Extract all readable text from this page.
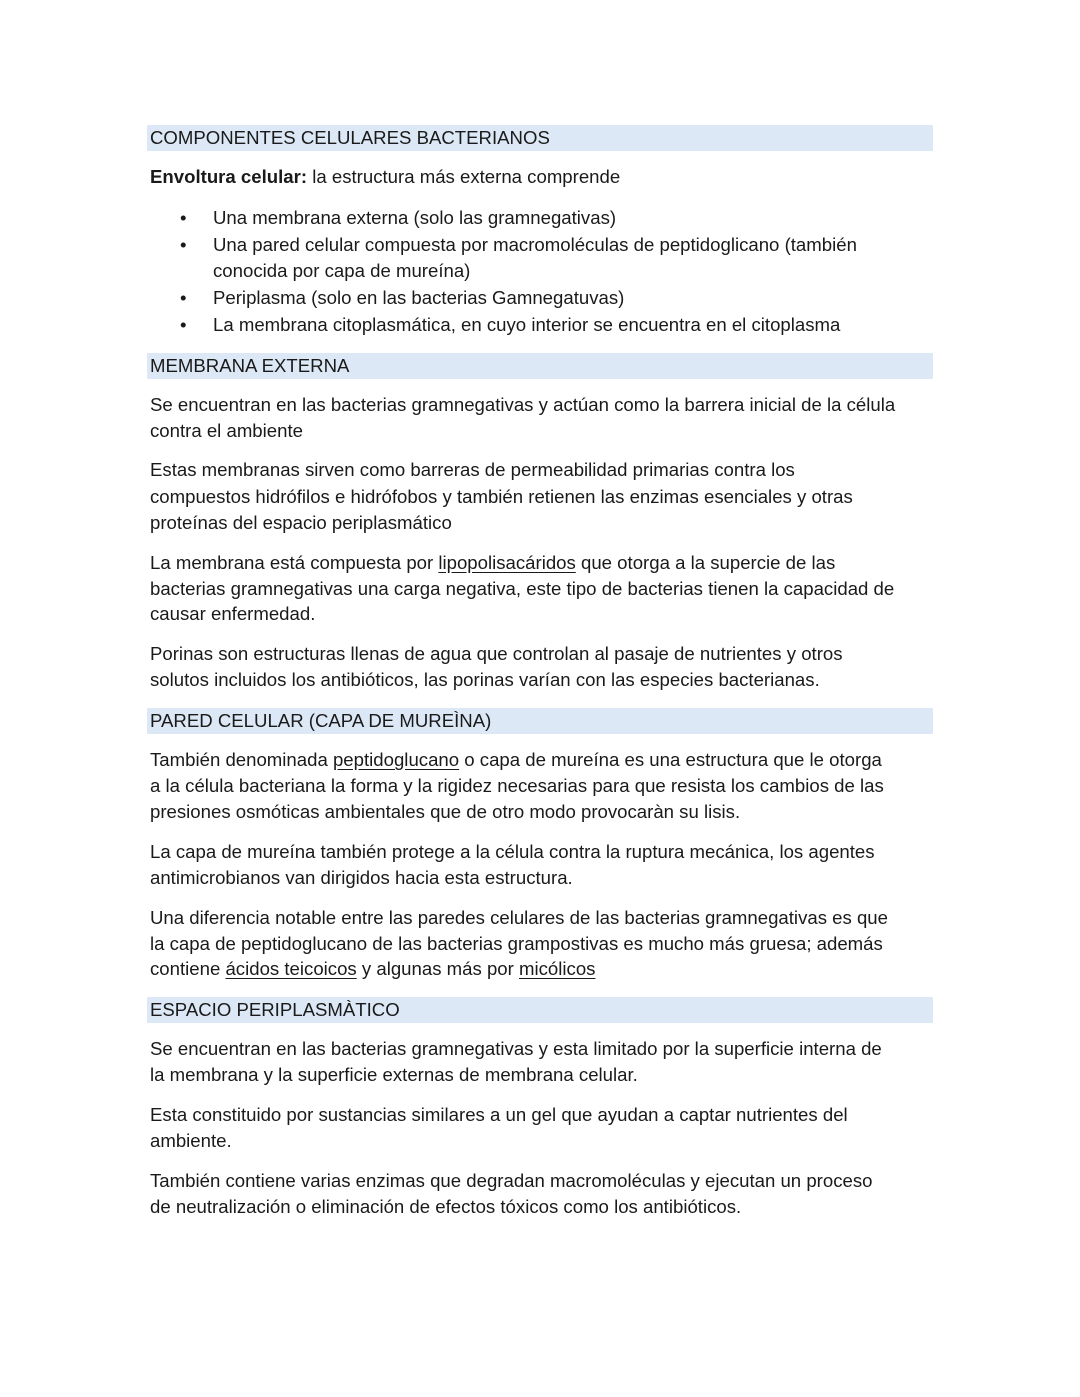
COMPONENTES CELULARES BACTERIANOS
Envoltura celular: la estructura más externa comprende
• Una membrana externa (solo las gramnegativas)
• Una pared celular compuesta por macromoléculas de peptidoglicano (también
conocida por capa de mureína)
• Periplasma (solo en las bacterias Gamnegatuvas)
• La membrana citoplasmática, en cuyo interior se encuentra en el citoplasma
MEMBRANA EXTERNA
Se encuentran en las bacterias gramnegativas y actúan como la barrera inicial de la célula
contra el ambiente
Estas membranas sirven como barreras de permeabilidad primarias contra los
compuestos hidrófilos e hidrófobos y también retienen las enzimas esenciales y otras
proteínas del espacio periplasmático
La membrana está compuesta por lipopolisacáridos que otorga a la supercie de las
bacterias gramnegativas una carga negativa, este tipo de bacterias tienen la capacidad de
causar enfermedad.
Porinas son estructuras llenas de agua que controlan al pasaje de nutrientes y otros
solutos incluidos los antibióticos, las porinas varían con las especies bacterianas.
PARED CELULAR (CAPA DE MUREÌNA)
También denominada peptidoglucano o capa de mureína es una estructura que le otorga
a la célula bacteriana la forma y la rigidez necesarias para que resista los cambios de las
presiones osmóticas ambientales que de otro modo provocaràn su lisis.
La capa de mureína también protege a la célula contra la ruptura mecánica, los agentes
antimicrobianos van dirigidos hacia esta estructura.
Una diferencia notable entre las paredes celulares de las bacterias gramnegativas es que
la capa de peptidoglucano de las bacterias grampostivas es mucho más gruesa; además
contiene ácidos teicoicos y algunas más por micólicos
ESPACIO PERIPLASMÀTICO
Se encuentran en las bacterias gramnegativas y esta limitado por la superficie interna de
la membrana y la superficie externas de membrana celular.
Esta constituido por sustancias similares a un gel que ayudan a captar nutrientes del
ambiente.
También contiene varias enzimas que degradan macromoléculas y ejecutan un proceso
de neutralización o eliminación de efectos tóxicos como los antibióticos.
